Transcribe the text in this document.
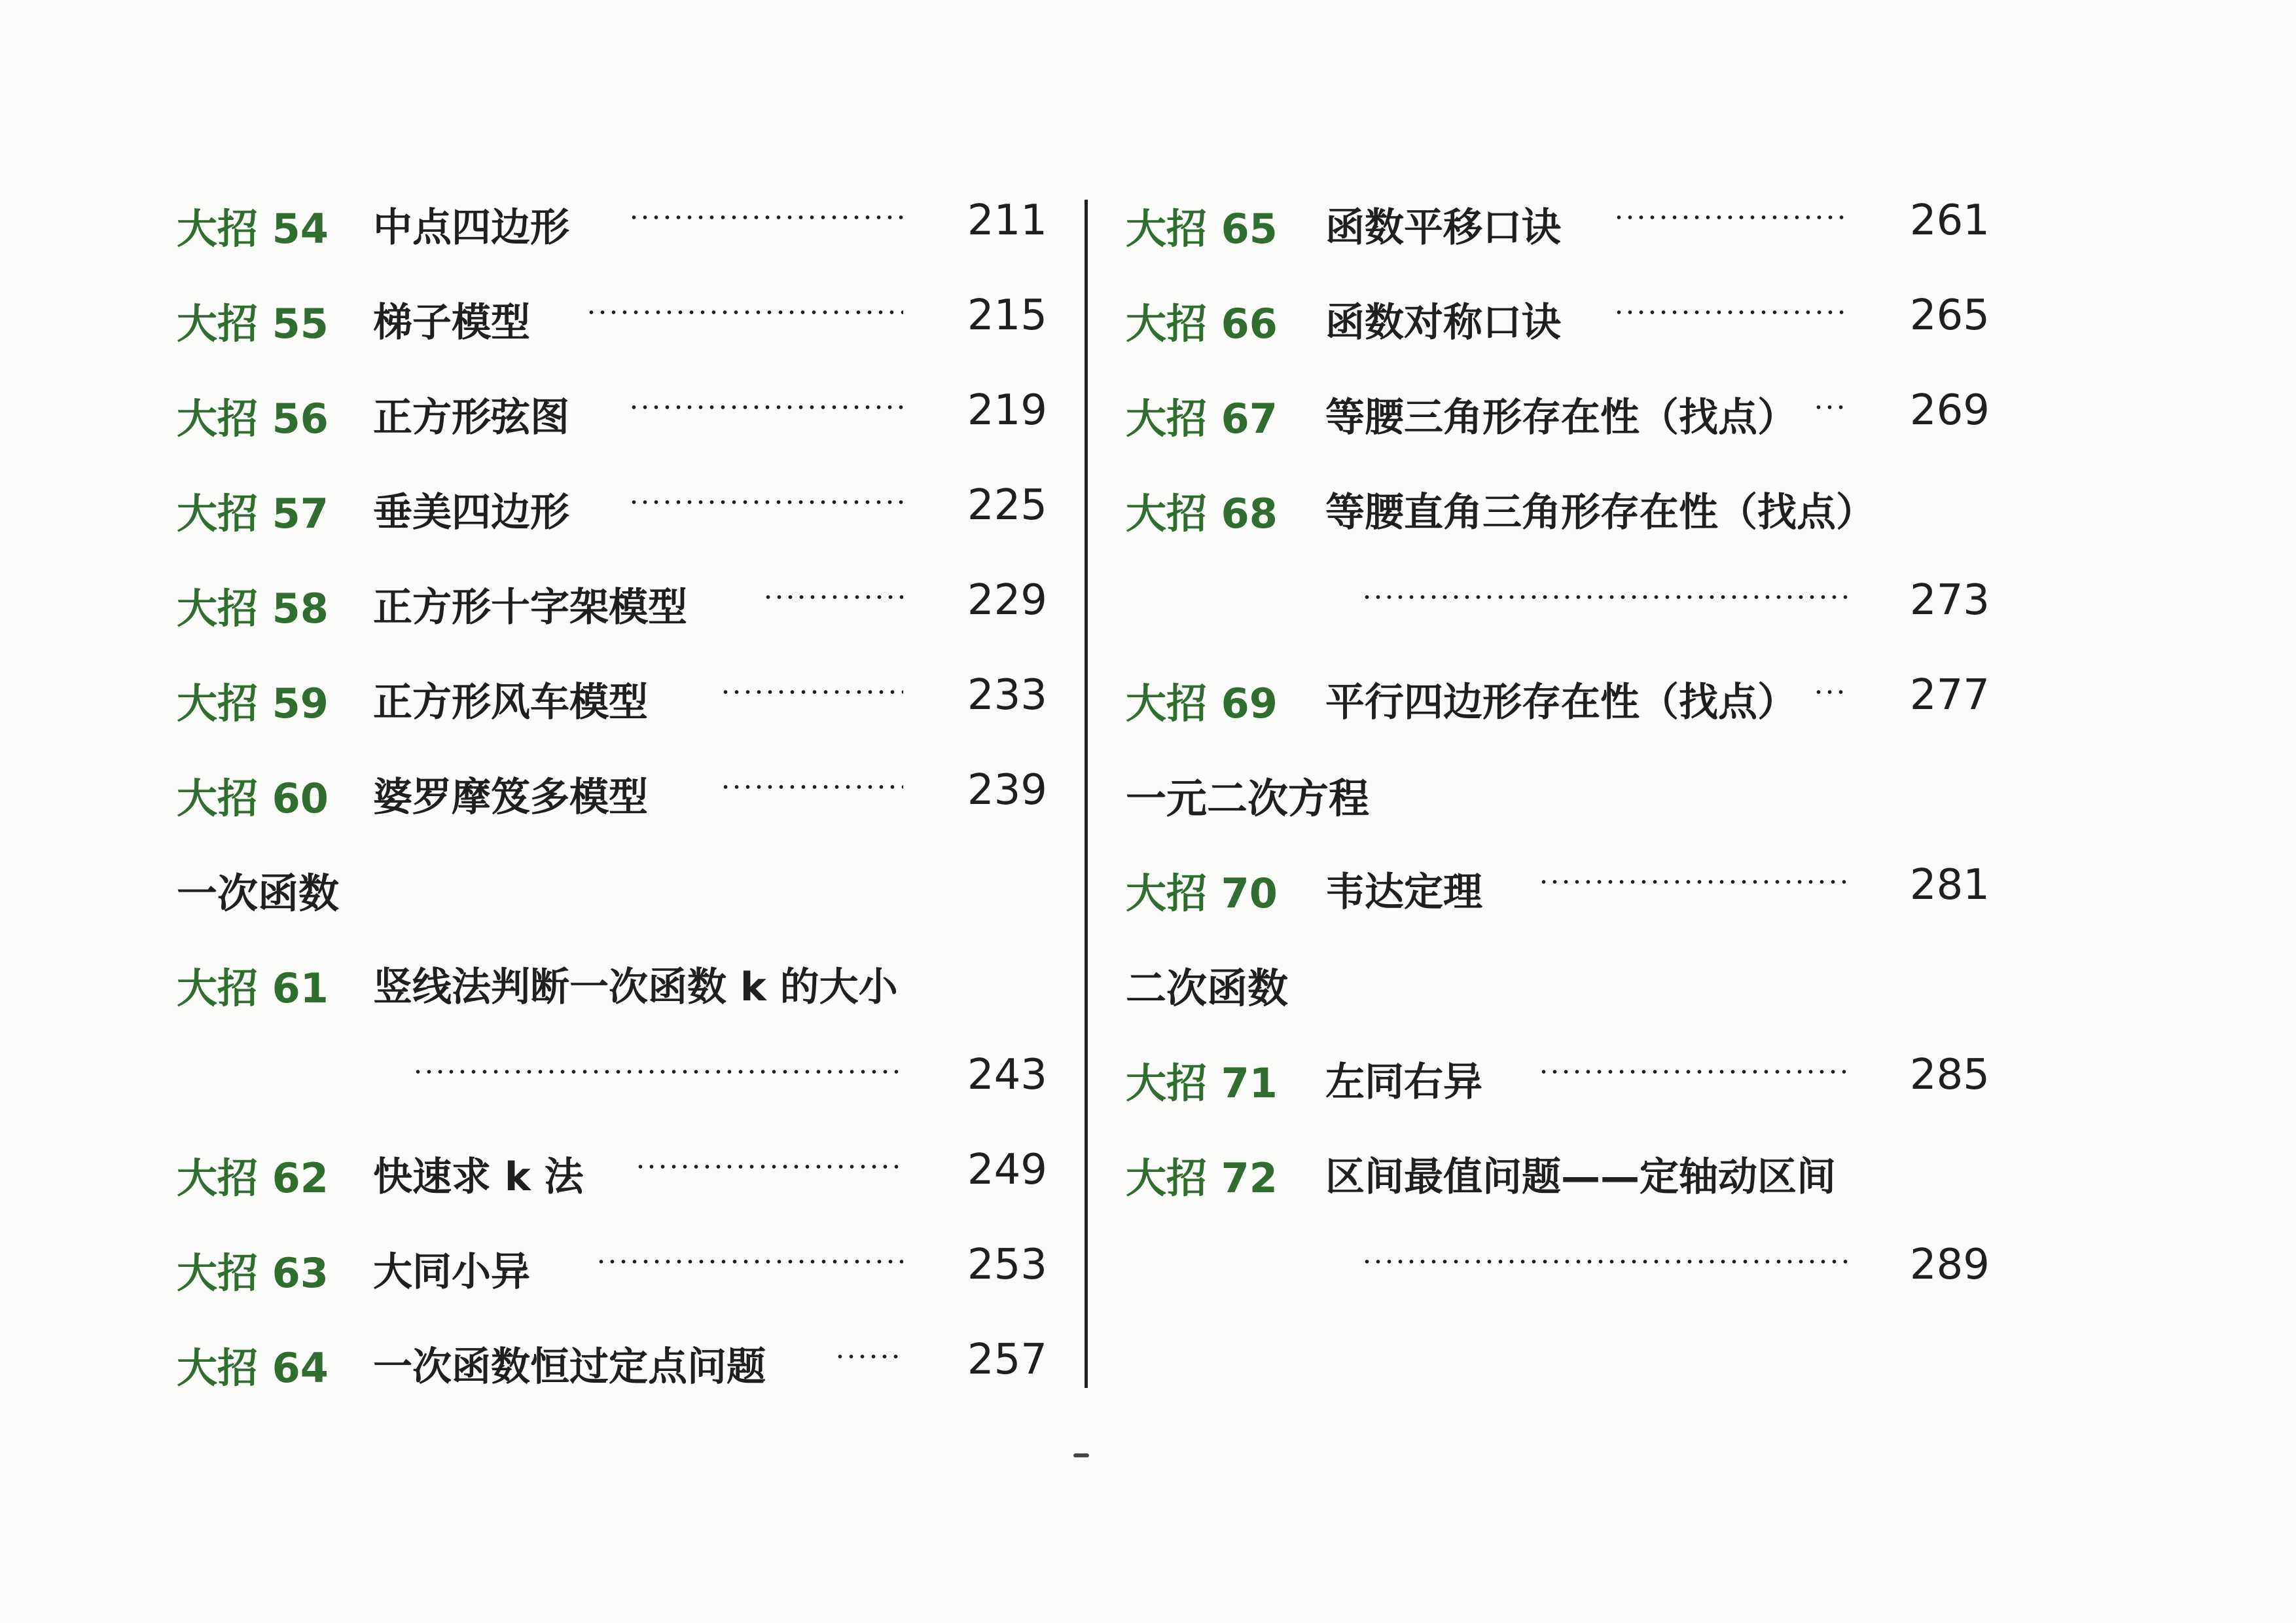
大招 54 中点四边形	211
大招 55 梯子模型	215
大招 56 正方形弦图	219
大招 57 垂美四边形	225
大招 58 正方形十字架模型	229
大招 59 正方形风车模型	233
大招 60 婆罗摩笈多模型	239
一次函数
大招 61 竖线法判断一次函数 k 的大小
243
大招 62 快速求 k 法	249
大招 63 大同小异	253
大招 64 一次函数恒过定点问题	257
大招 65 函数平移口诀	261
大招 66 函数对称口诀	265
大招 67 等腰三角形存在性（找点）	269
大招 68 等腰直角三角形存在性（找点）
273
大招 69 平行四边形存在性（找点）	277
一元二次方程
大招 70 韦达定理	281
二次函数
大招 71 左同右异	285
大招 72 区间最值问题——定轴动区间
289
